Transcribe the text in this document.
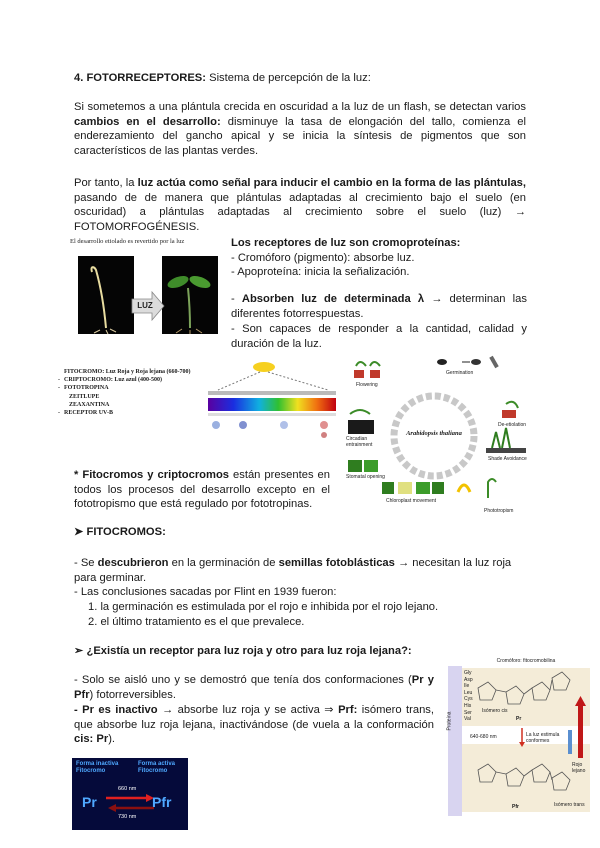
4. FOTORRECEPTORES: Sistema de percepción de la luz:
Si sometemos a una plántula crecida en oscuridad a la luz de un flash, se detectan varios cambios en el desarrollo: disminuye la tasa de elongación del tallo, comienza el enderezamiento del gancho apical y se inicia la síntesis de pigmentos que son característicos de las plantas verdes.
Por tanto, la luz actúa como señal para inducir el cambio en la forma de las plántulas, pasando de de manera que plántulas adaptadas al crecimiento bajo el suelo (en oscuridad) a plántulas adaptadas al crecimiento sobre el suelo (luz) → FOTOMORFOGÉNESIS.
El desarrollo etiolado es revertido por la luz
LUZ
Los receptores de luz son cromoproteínas:
- Cromóforo (pigmento): absorbe luz.
- Apoproteína: inicia la señalización.
- Absorben luz de determinada λ → determinan las diferentes fotorrespuestas.
- Son capaces de responder a la cantidad, calidad y duración de la luz.
FITOCROMO: Luz Roja y Roja lejana (660-700)
- CRIPTOCROMO: Luz azul (400-500)
- FOTOTROPINA
ZEITLUPE
ZEAXANTINA
- RECEPTOR UV-B
Arabidopsis thaliana
Flowering
Germination
De-etiolation
Circadian entrainment
Shade Avoidance
Phototropism
Stomatal opening
Chloroplast movement
* Fitocromos y criptocromos están presentes en todos los procesos del desarrollo excepto en el fototropismo que está regulado por fototropinas.
➤ FITOCROMOS:
- Se descubrieron en la germinación de semillas fotoblásticas → necesitan la luz roja para germinar.
- Las conclusiones sacadas por Flint en 1939 fueron:
1. la germinación es estimulada por el rojo e inhibida por el rojo lejano.
2. el último tratamiento es el que prevalece.
➢ ¿Existía un receptor para luz roja y otro para luz roja lejana?:
- Solo se aisló uno y se demostró que tenía dos conformaciones (Pr y Pfr) fotorreversibles.
- Pr es inactivo → absorbe luz roja y se activa ⇒ Prf: isómero trans, que absorbe luz roja lejana, inactivándose (de vuela a la conformación cis: Pr).
Forma inactiva
Fitocromo
Forma activa
Fitocromo
660 nm
Pr	Pfr
730 nm
Cromóforo: fitocromobilina
Proteína
Gly
Asp
Ile
Leu
Cys
His
Ser
Val
Isómero cis
Pr
640-680 nm	La luz estimula conformes
Isómero trans
Pfr
Rojo lejano
